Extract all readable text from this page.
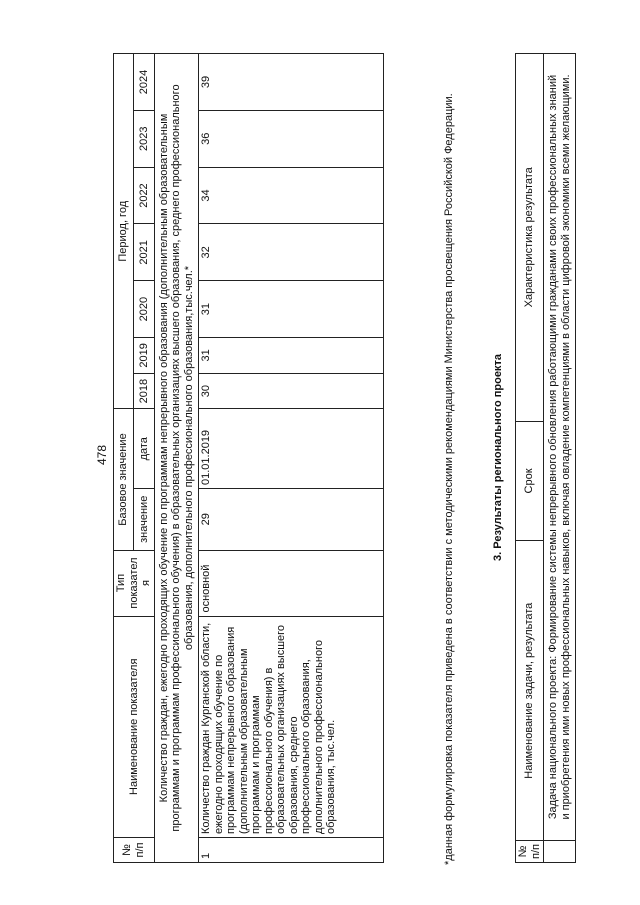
478
№ п/п	Наименование показателя	Тип показател я	Базовое значение		Период, год						
			значение	дата	2018	2019	2020	2021	2022	2023	2024
Количество граждан, ежегодно проходящих обучение по программам непрерывного образования (дополнительным образовательным программам и программам профессионального обучения) в образовательных организациях высшего образования, среднего профессионального образования, дополнительного профессионального образования,тыс.чел.*											
1	Количество граждан Курганской области, ежегодно проходящих обучение по программам непрерывного образования (дополнительным образовательным программам и программам профессионального обучения) в образовательных организациях высшего образования, среднего профессионального образования, дополнительного профессионального образования, тыс.чел.	основной	29	01.01.2019	30	31	31	32	34	36	39
*данная формулировка показателя приведена в соответствии с методическими рекомендациями Министерства просвещения Российской Федерации.	3. Результаты регионального проекта
№ п/п	Наименование задачи, результата	Срок	Характеристика результата
	Задача национального проекта: Формирование системы непрерывного обновления работающими гражданами своих профессиональных знаний и приобретения ими новых профессиональных навыков, включая овладение компетенциями в области цифровой экономики всеми желающими.		
